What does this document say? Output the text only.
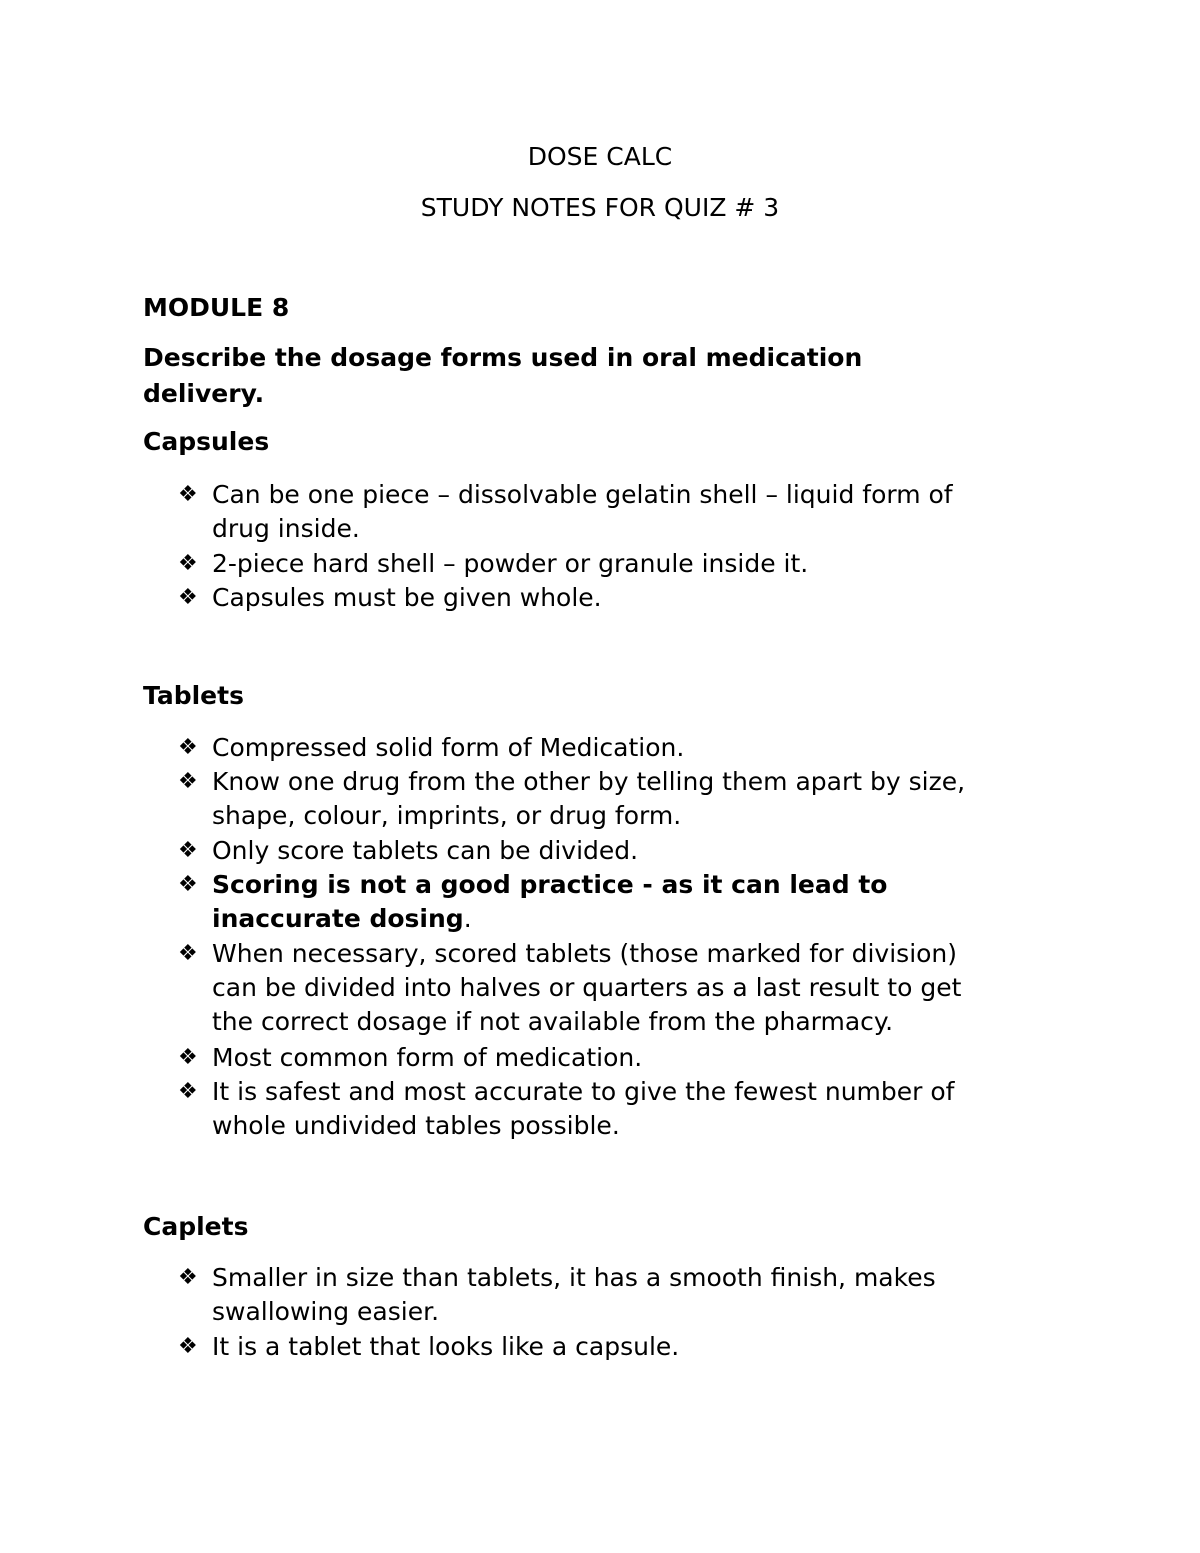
DOSE CALC
STUDY NOTES FOR QUIZ # 3
MODULE 8
Describe the dosage forms used in oral medication
delivery.
Capsules
❖ Can be one piece – dissolvable gelatin shell – liquid form of
drug inside.
❖ 2-piece hard shell – powder or granule inside it.
❖ Capsules must be given whole.
Tablets
❖ Compressed solid form of Medication.
❖ Know one drug from the other by telling them apart by size,
shape, colour, imprints, or drug form.
❖ Only score tablets can be divided.
❖ Scoring is not a good practice - as it can lead to
inaccurate dosing.
❖ When necessary, scored tablets (those marked for division)
can be divided into halves or quarters as a last result to get
the correct dosage if not available from the pharmacy.
❖ Most common form of medication.
❖ It is safest and most accurate to give the fewest number of
whole undivided tables possible.
Caplets
❖ Smaller in size than tablets, it has a smooth finish, makes
swallowing easier.
❖ It is a tablet that looks like a capsule.
